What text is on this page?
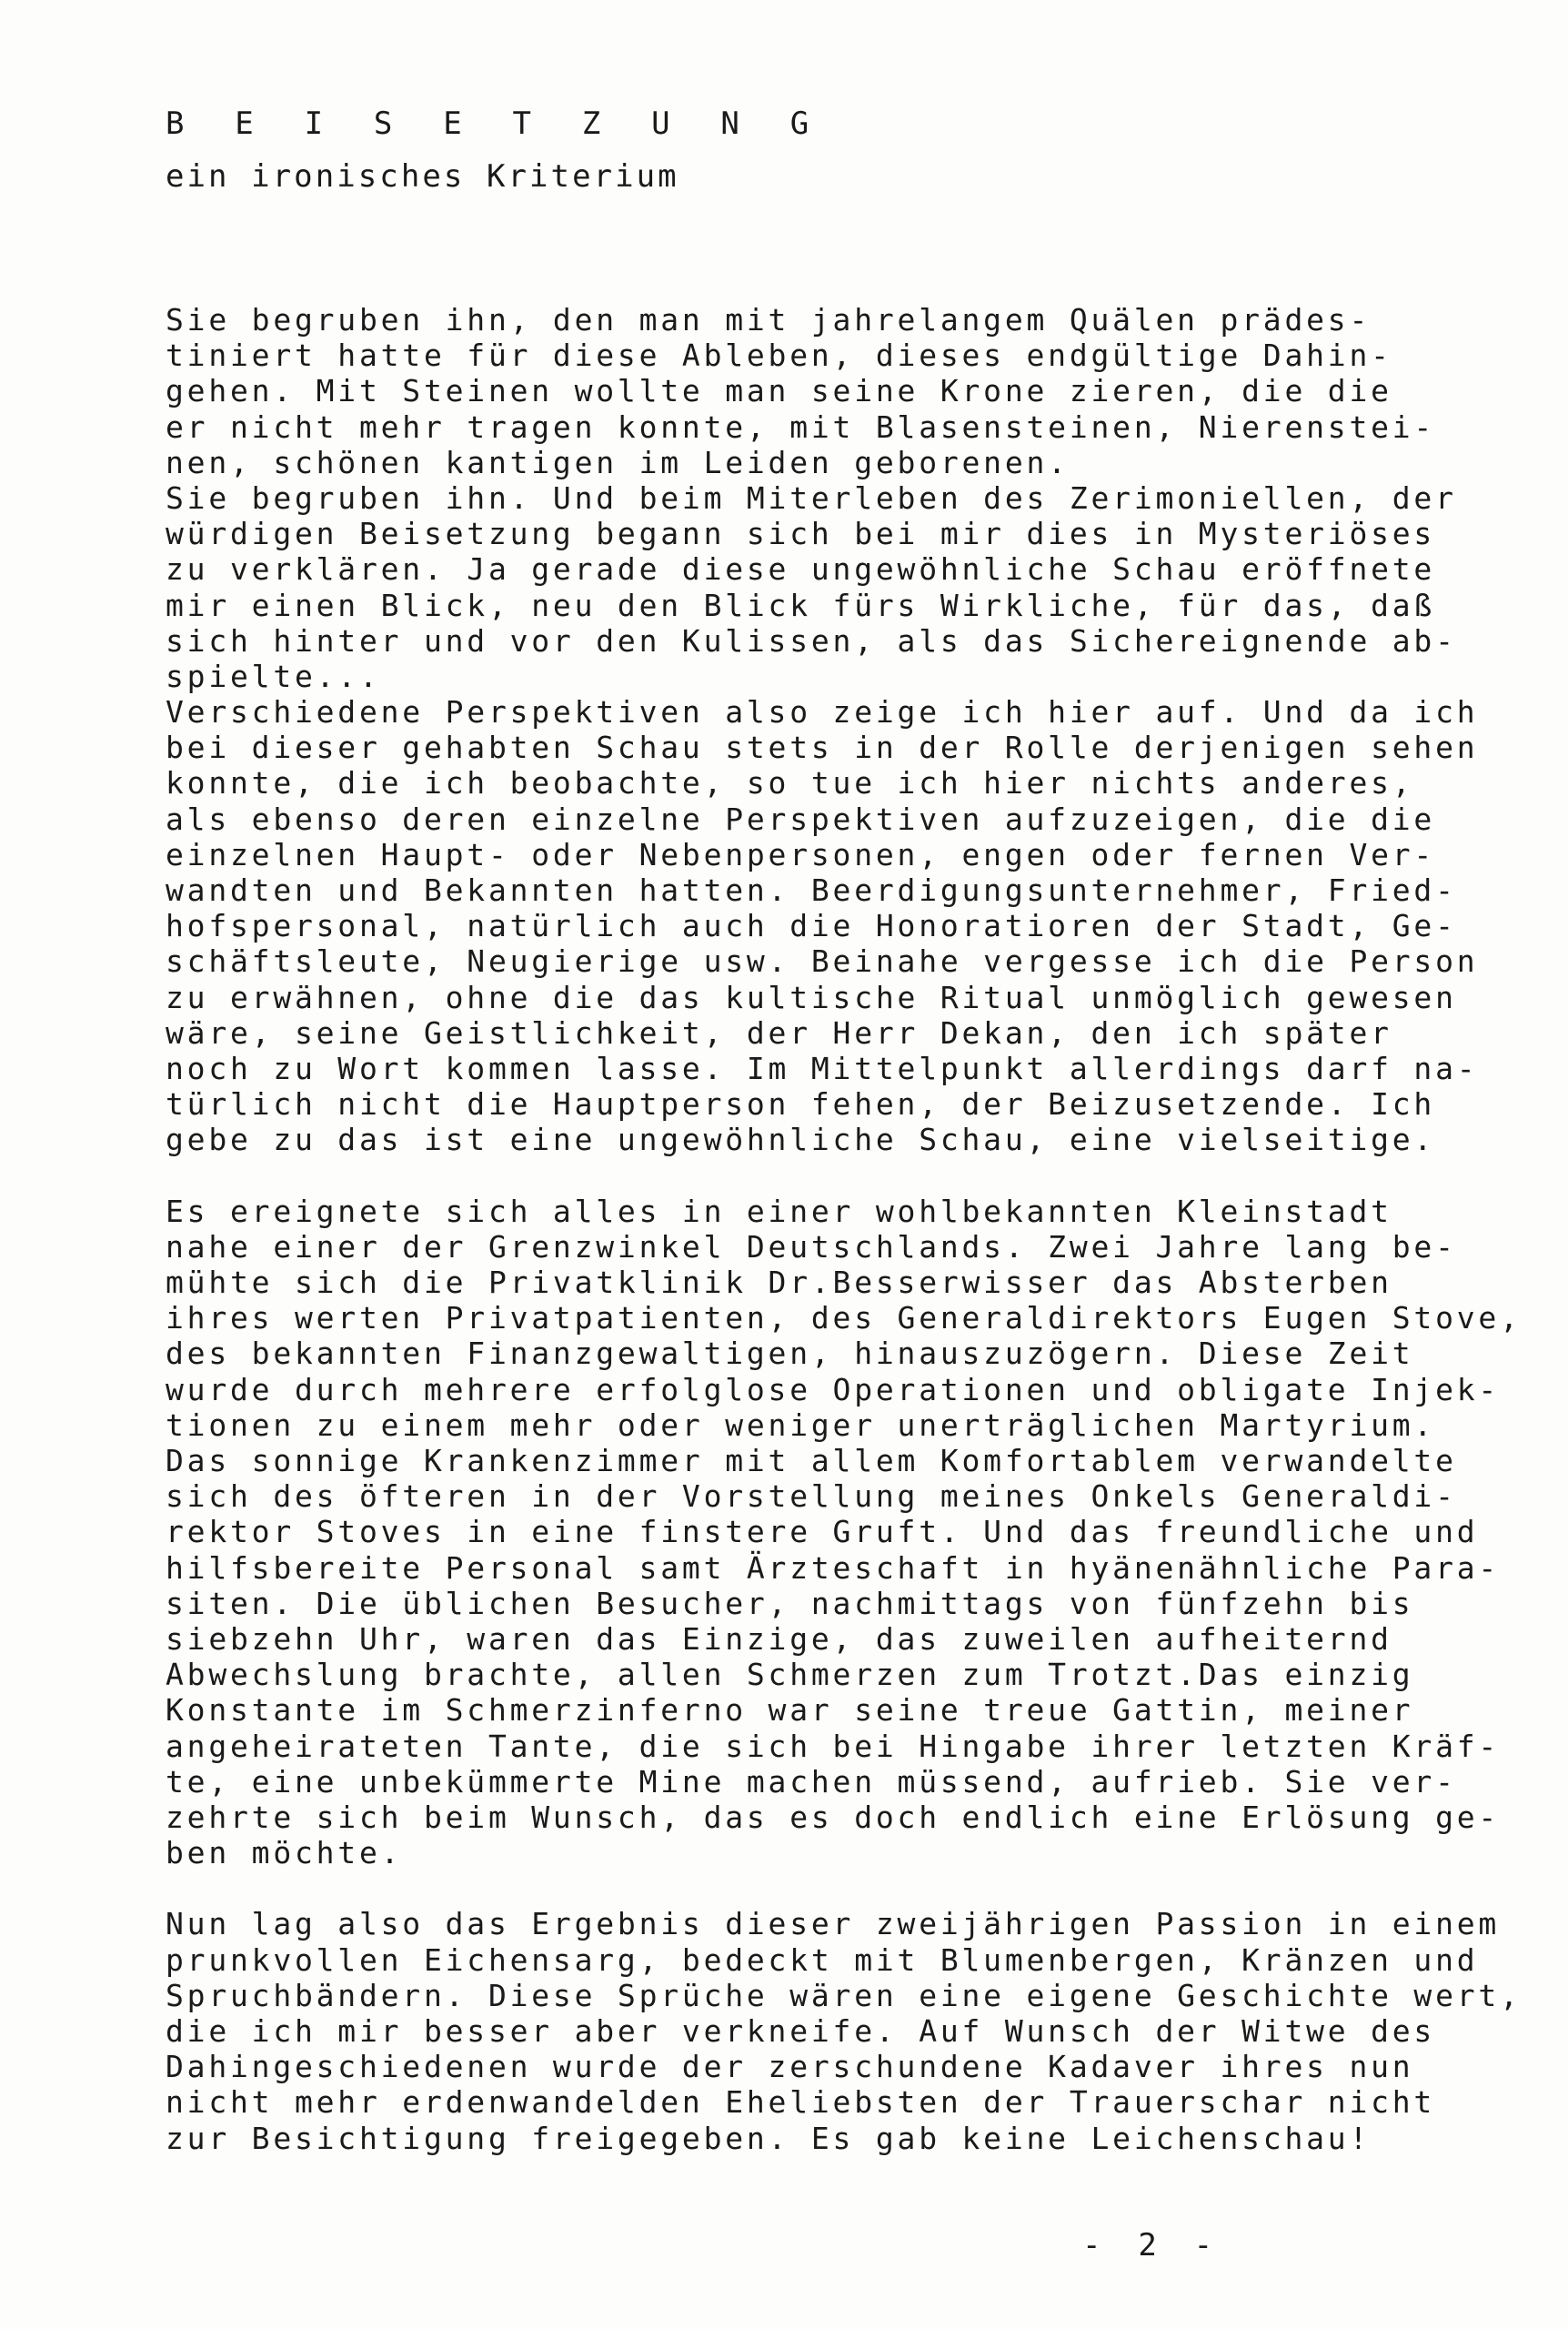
B E I S E T Z U N G
ein ironisches Kriterium
Sie begruben ihn, den man mit jahrelangem Quälen prädes-
tiniert hatte für diese Ableben, dieses endgültige Dahin-
gehen. Mit Steinen wollte man seine Krone zieren, die die
er nicht mehr tragen konnte, mit Blasensteinen, Nierenstei-
nen, schönen kantigen im Leiden geborenen.
Sie begruben ihn. Und beim Miterleben des Zerimoniellen, der
würdigen Beisetzung begann sich bei mir dies in Mysteriöses
zu verklären. Ja gerade diese ungewöhnliche Schau eröffnete
mir einen Blick, neu den Blick fürs Wirkliche, für das, daß
sich hinter und vor den Kulissen, als das Sichereignende ab-
spielte...
Verschiedene Perspektiven also zeige ich hier auf. Und da ich
bei dieser gehabten Schau stets in der Rolle derjenigen sehen
konnte, die ich beobachte, so tue ich hier nichts anderes,
als ebenso deren einzelne Perspektiven aufzuzeigen, die die
einzelnen Haupt- oder Nebenpersonen, engen oder fernen Ver-
wandten und Bekannten hatten. Beerdigungsunternehmer, Fried-
hofspersonal, natürlich auch die Honoratioren der Stadt, Ge-
schäftsleute, Neugierige usw. Beinahe vergesse ich die Person
zu erwähnen, ohne die das kultische Ritual unmöglich gewesen
wäre, seine Geistlichkeit, der Herr Dekan, den ich später
noch zu Wort kommen lasse. Im Mittelpunkt allerdings darf na-
türlich nicht die Hauptperson fehen, der Beizusetzende. Ich
gebe zu das ist eine ungewöhnliche Schau, eine vielseitige.
Es ereignete sich alles in einer wohlbekannten Kleinstadt
nahe einer der Grenzwinkel Deutschlands. Zwei Jahre lang be-
mühte sich die Privatklinik Dr.Besserwisser das Absterben
ihres werten Privatpatienten, des Generaldirektors Eugen Stove,
des bekannten Finanzgewaltigen, hinauszuzögern. Diese Zeit
wurde durch mehrere erfolglose Operationen und obligate Injek-
tionen zu einem mehr oder weniger unerträglichen Martyrium.
Das sonnige Krankenzimmer mit allem Komfortablem verwandelte
sich des öfteren in der Vorstellung meines Onkels Generaldi-
rektor Stoves in eine finstere Gruft. Und das freundliche und
hilfsbereite Personal samt Ärzteschaft in hyänenähnliche Para-
siten. Die üblichen Besucher, nachmittags von fünfzehn bis
siebzehn Uhr, waren das Einzige, das zuweilen aufheiternd
Abwechslung brachte, allen Schmerzen zum Trotzt.Das einzig
Konstante im Schmerzinferno war seine treue Gattin, meiner
angeheirateten Tante, die sich bei Hingabe ihrer letzten Kräf-
te, eine unbekümmerte Mine machen müssend, aufrieb. Sie ver-
zehrte sich beim Wunsch, das es doch endlich eine Erlösung ge-
ben möchte.
Nun lag also das Ergebnis dieser zweijährigen Passion in einem
prunkvollen Eichensarg, bedeckt mit Blumenbergen, Kränzen und
Spruchbändern. Diese Sprüche wären eine eigene Geschichte wert,
die ich mir besser aber verkneife. Auf Wunsch der Witwe des
Dahingeschiedenen wurde der zerschundene Kadaver ihres nun
nicht mehr erdenwandelden Eheliebsten der Trauerschar nicht
zur Besichtigung freigegeben. Es gab keine Leichenschau!
- 2 -
